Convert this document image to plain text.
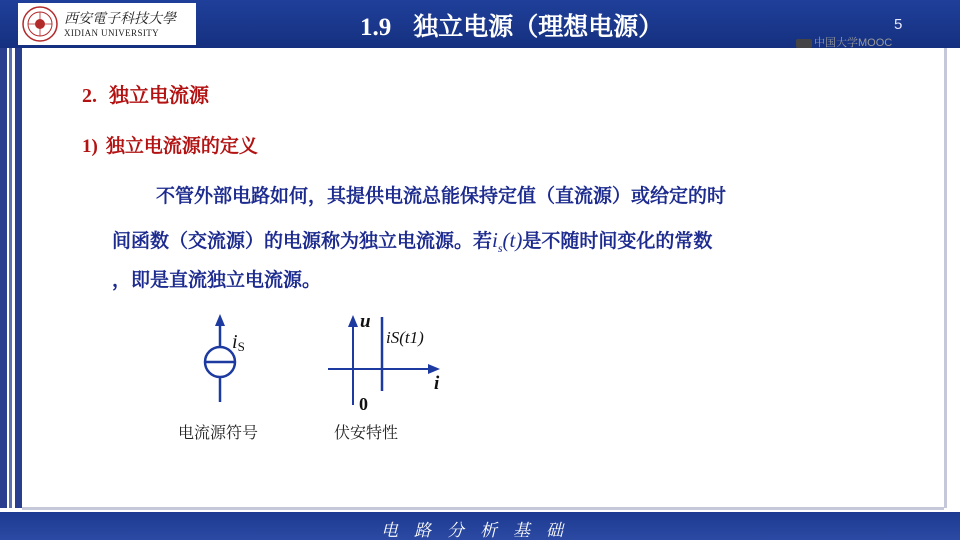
西安電子科技大學
XIDIAN UNIVERSITY	1.9 独立电源（理想电源）	5
中国大学MOOC
2. 独立电流源
1) 独立电流源的定义
不管外部电路如何，其提供电流总能保持定值（直流源）或给定的时
间函数（交流源）的电源称为独立电流源。若$i_s(t)$是不随时间变化的常数
，即是直流独立电流源。
iS
电流源符号
u
i
0
iS(t1)
伏安特性
电路分析基础
